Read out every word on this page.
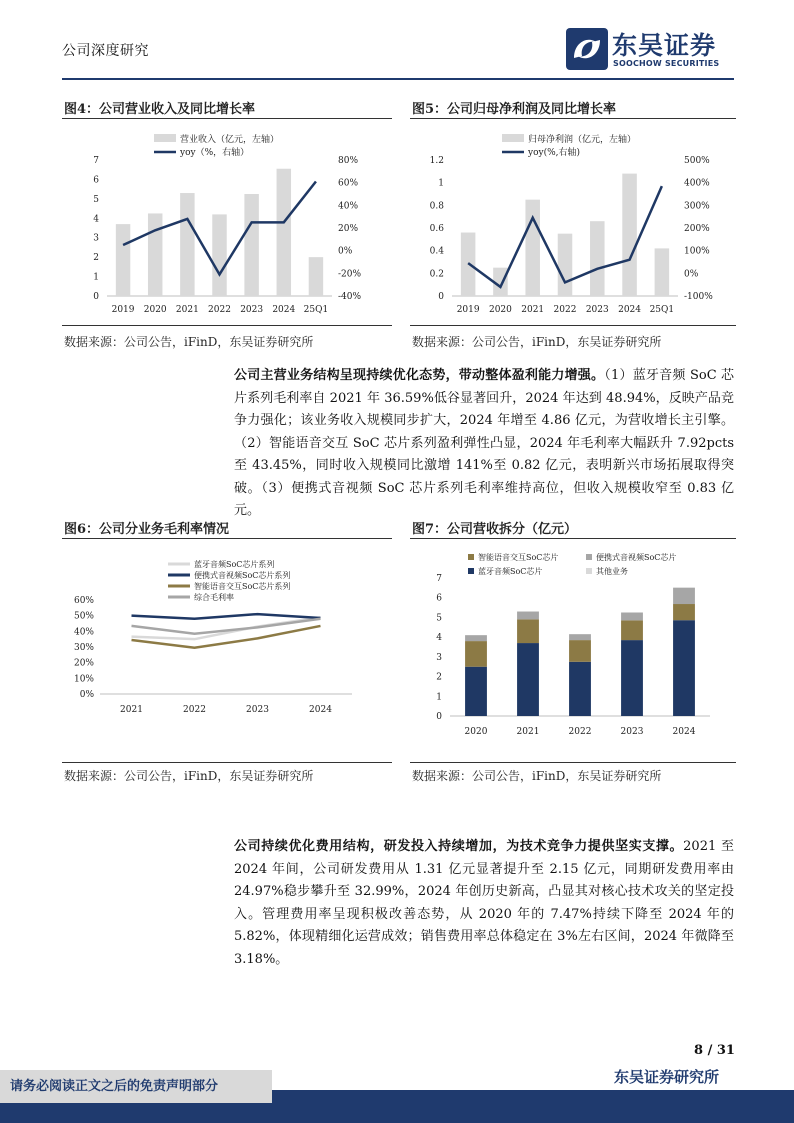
公司深度研究	东吴证券
SOOCHOW SECURITIES
图4：公司营业收入及同比增长率
营业收入（亿元，左轴）
yoy（%，右轴）
0
1
2
3
4
5
6
7
-40%
-20%
0%
20%
40%
60%
80%
2019 2020 2021 2022 2023 2024 25Q1
数据来源：公司公告，iFinD，东吴证券研究所
图5：公司归母净利润及同比增长率
归母净利润（亿元，左轴）
yoy(%,右轴)
0
0.2
0.4
0.6
0.8
1
1.2
-100%
0%
100%
200%
300%
400%
500%
2019 2020 2021 2022 2023 2024 25Q1
数据来源：公司公告，iFinD，东吴证券研究所
公司主营业务结构呈现持续优化态势，带动整体盈利能力增强。（1）蓝牙音频 SoC 芯片系列毛利率自 2021 年 36.59%低谷显著回升，2024 年达到 48.94%，反映产品竞争力强化；该业务收入规模同步扩大，2024 年增至 4.86 亿元，为营收增长主引擎。（2）智能语音交互 SoC 芯片系列盈利弹性凸显，2024 年毛利率大幅跃升 7.92pcts 至 43.45%，同时收入规模同比激增 141%至 0.82 亿元，表明新兴市场拓展取得突破。（3）便携式音视频 SoC 芯片系列毛利率维持高位，但收入规模收窄至 0.83 亿元。
图6：公司分业务毛利率情况
蓝牙音频SoC芯片系列
便携式音视频SoC芯片系列
智能语音交互SoC芯片系列
综合毛利率
0%
10%
20%
30%
40%
50%
60%
2021	2022	2023	2024
数据来源：公司公告，iFinD，东吴证券研究所
图7：公司营收拆分（亿元）
智能语音交互SoC芯片	便携式音视频SoC芯片
蓝牙音频SoC芯片	其他业务
0
1
2
3
4
5
6
7
2020	2021	2022	2023	2024
数据来源：公司公告，iFinD，东吴证券研究所
公司持续优化费用结构，研发投入持续增加，为技术竞争力提供坚实支撑。2021 至 2024 年间，公司研发费用从 1.31 亿元显著提升至 2.15 亿元，同期研发费用率由 24.97%稳步攀升至 32.99%，2024 年创历史新高，凸显其对核心技术攻关的坚定投入。管理费用率呈现积极改善态势，从 2020 年的 7.47%持续下降至 2024 年的 5.82%，体现精细化运营成效；销售费用率总体稳定在 3%左右区间，2024 年微降至 3.18%。
8 / 31
请务必阅读正文之后的免责声明部分
东吴证券研究所
